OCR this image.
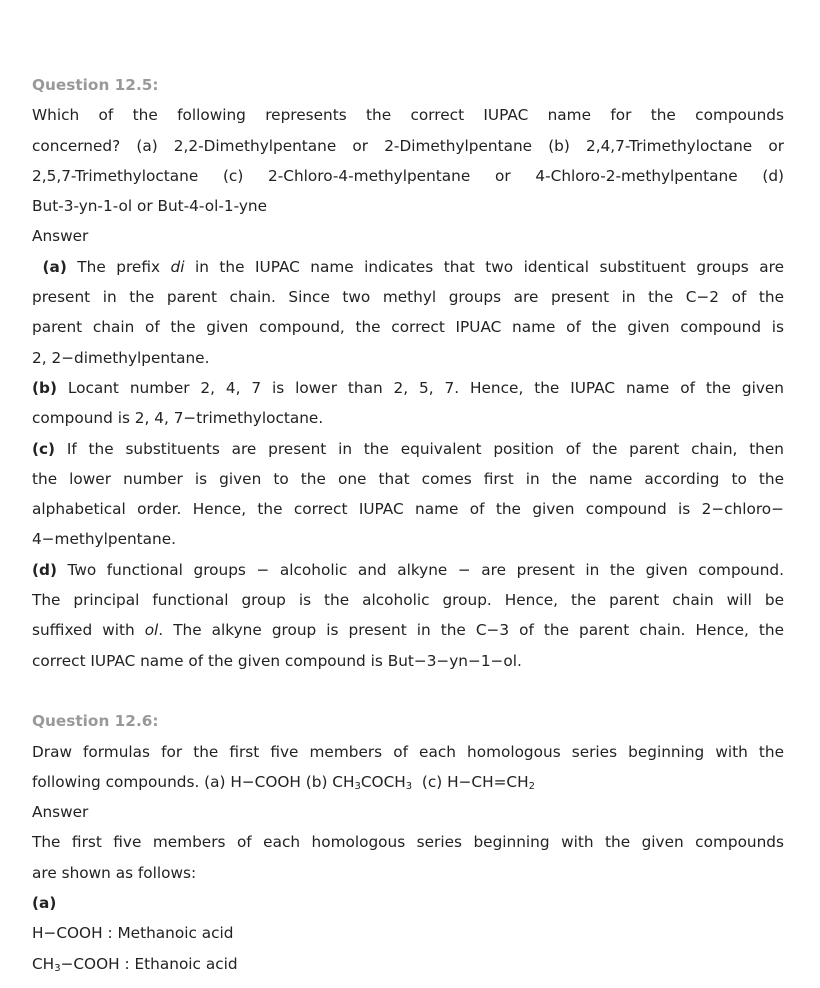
Question 12.5:
Which of the following represents the correct IUPAC name for the compounds
concerned? (a) 2,2-Dimethylpentane or 2-Dimethylpentane (b) 2,4,7-Trimethyloctane or
2,5,7-Trimethyloctane (c) 2-Chloro-4-methylpentane or 4-Chloro-2-methylpentane (d)
But-3-yn-1-ol or But-4-ol-1-yne
Answer
(a) The prefix di in the IUPAC name indicates that two identical substituent groups are
present in the parent chain. Since two methyl groups are present in the C−2 of the
parent chain of the given compound, the correct IPUAC name of the given compound is
2, 2−dimethylpentane.
(b) Locant number 2, 4, 7 is lower than 2, 5, 7. Hence, the IUPAC name of the given
compound is 2, 4, 7−trimethyloctane.
(c) If the substituents are present in the equivalent position of the parent chain, then
the lower number is given to the one that comes first in the name according to the
alphabetical order. Hence, the correct IUPAC name of the given compound is 2−chloro−
4−methylpentane.
(d) Two functional groups − alcoholic and alkyne − are present in the given compound.
The principal functional group is the alcoholic group. Hence, the parent chain will be
suffixed with ol. The alkyne group is present in the C−3 of the parent chain. Hence, the
correct IUPAC name of the given compound is But−3−yn−1−ol.
Question 12.6:
Draw formulas for the first five members of each homologous series beginning with the
following compounds. (a) H−COOH (b) $CH_3COCH_3$  (c) $H-CH=CH_2$
Answer
The first five members of each homologous series beginning with the given compounds
are shown as follows:
(a)
H−COOH : Methanoic acid
$CH_3-COOH$ : Ethanoic acid
